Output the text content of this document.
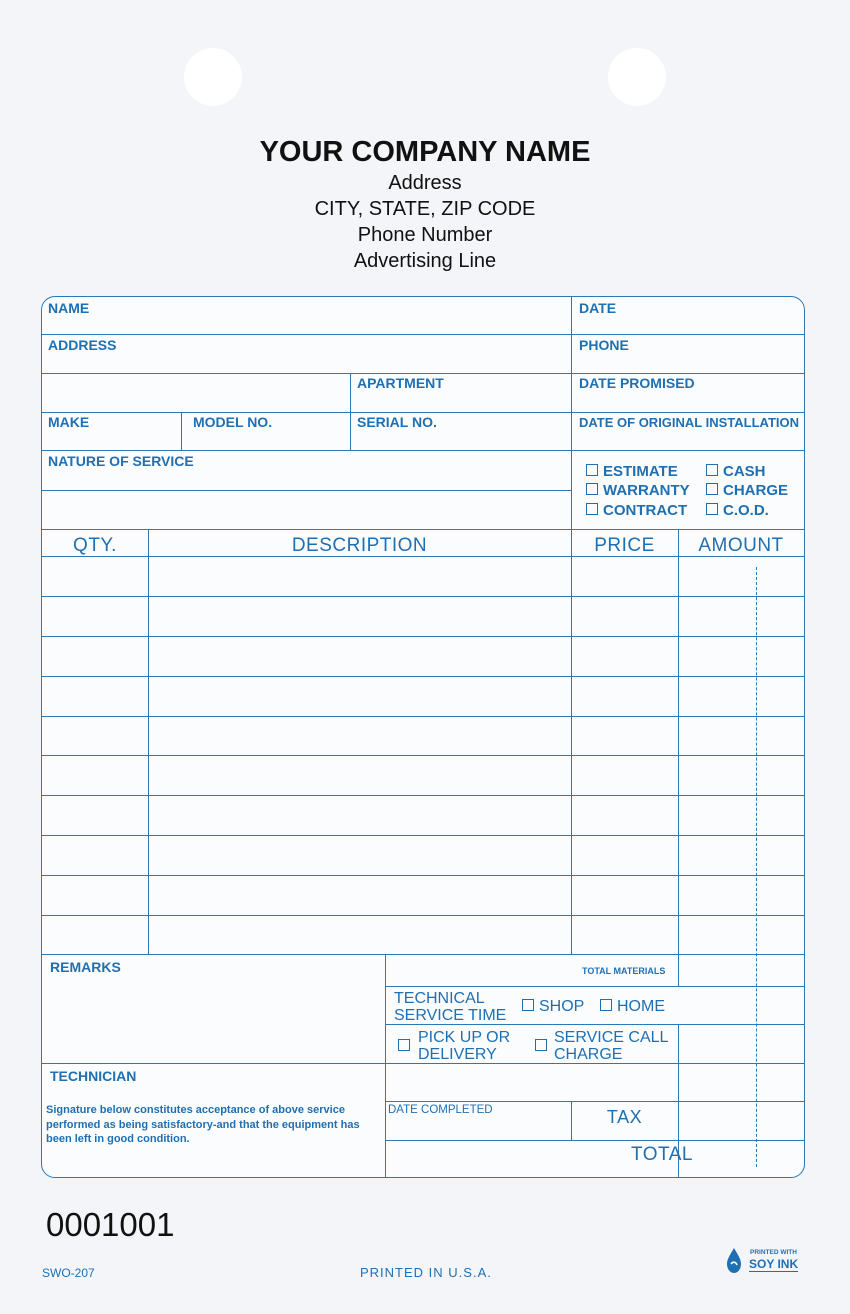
YOUR COMPANY NAME
Address
CITY, STATE, ZIP CODE
Phone Number
Advertising Line
NAME	DATE
ADDRESS	PHONE
APARTMENT	DATE PROMISED
MAKE	MODEL NO.	SERIAL NO.	DATE OF ORIGINAL INSTALLATION
NATURE OF SERVICE
ESTIMATE	CASH
WARRANTY	CHARGE
CONTRACT	C.O.D.
QTY.	DESCRIPTION	PRICE	AMOUNT
REMARKS	TOTAL MATERIALS
TECHNICAL
SERVICE TIME
SHOP	HOME
PICK UP OR
DELIVERY
SERVICE CALL
CHARGE
TECHNICIAN
Signature below constitutes acceptance of above service performed as being satisfactory-and that the equipment has been left in good condition.
DATE COMPLETED	TAX
TOTAL
0001001
SWO-207	PRINTED IN U.S.A.
PRINTED WITH
SOY INK
